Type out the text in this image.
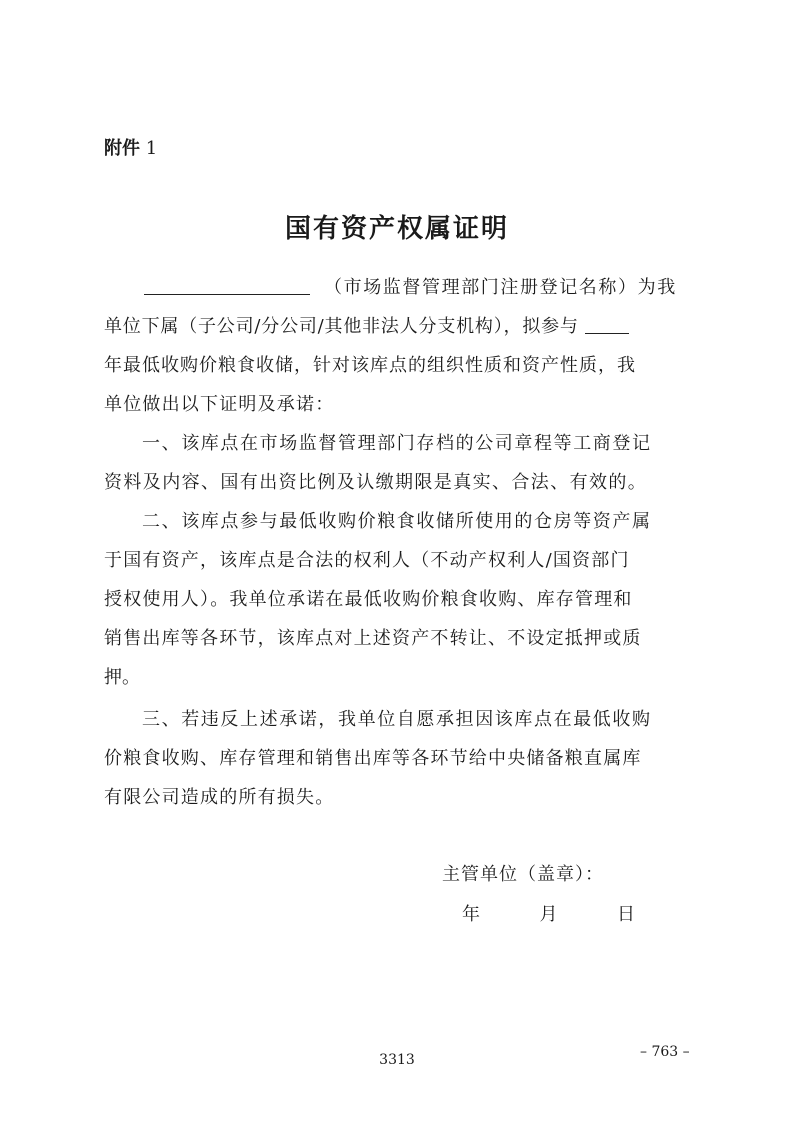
附件 1
国有资产权属证明
（市场监督管理部门注册登记名称）为我
单位下属（子公司/分公司/其他非法人分支机构），拟参与
年最低收购价粮食收储，针对该库点的组织性质和资产性质，我
单位做出以下证明及承诺：
一、该库点在市场监督管理部门存档的公司章程等工商登记
资料及内容、国有出资比例及认缴期限是真实、合法、有效的。
二、该库点参与最低收购价粮食收储所使用的仓房等资产属
于国有资产，该库点是合法的权利人（不动产权利人/国资部门
授权使用人）。我单位承诺在最低收购价粮食收购、库存管理和
销售出库等各环节，该库点对上述资产不转让、不设定抵押或质
押。
三、若违反上述承诺，我单位自愿承担因该库点在最低收购
价粮食收购、库存管理和销售出库等各环节给中央储备粮直属库
有限公司造成的所有损失。
主管单位（盖章）：
年	月	日
– 763 –
3313
